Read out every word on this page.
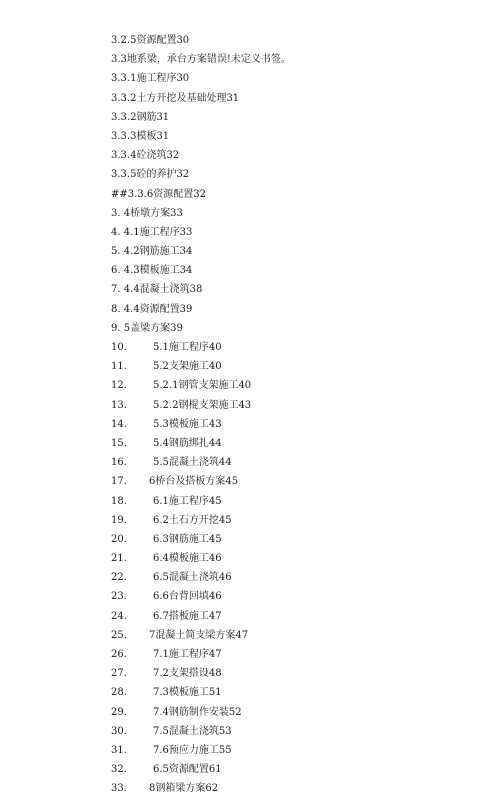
3.2.5资源配置30
3.3地系梁，承台方案错误!未定义书签。
3.3.1施工程序30
3.3.2土方开挖及基础处理31
3.3.2钢筋31
3.3.3模板31
3.3.4砼浇筑32
3.3.5砼的养护32
##3.3.6资源配置32
3. 4桥墩方案33
4. 4.1施工程序33
5. 4.2钢筋施工34
6. 4.3模板施工34
7. 4.4混凝土浇筑38
8. 4.4资源配置39
9. 5盖梁方案39
10.	5.1施工程序40
11.	5.2支架施工40
12.	5.2.1钢管支架施工40
13.	5.2.2钢棍支架施工43
14.	5.3模板施工43
15.	5.4钢筋绑扎44
16.	5.5混凝土浇筑44
17. 6桥台及搭板方案45
18.	6.1施工程序45
19.	6.2土石方开挖45
20.	6.3钢筋施工45
21.	6.4模板施工46
22.	6.5混凝土浇筑46
23.	6.6台背回填46
24.	6.7搭板施工47
25. 7混凝土简支梁方案47
26.	7.1施工程序47
27.	7.2支架搭设48
28.	7.3模板施工51
29.	7.4钢筋制作安装52
30.	7.5混凝土浇筑53
31.	7.6预应力施工55
32.	6.5资源配置61
33. 8钢箱梁方案62
